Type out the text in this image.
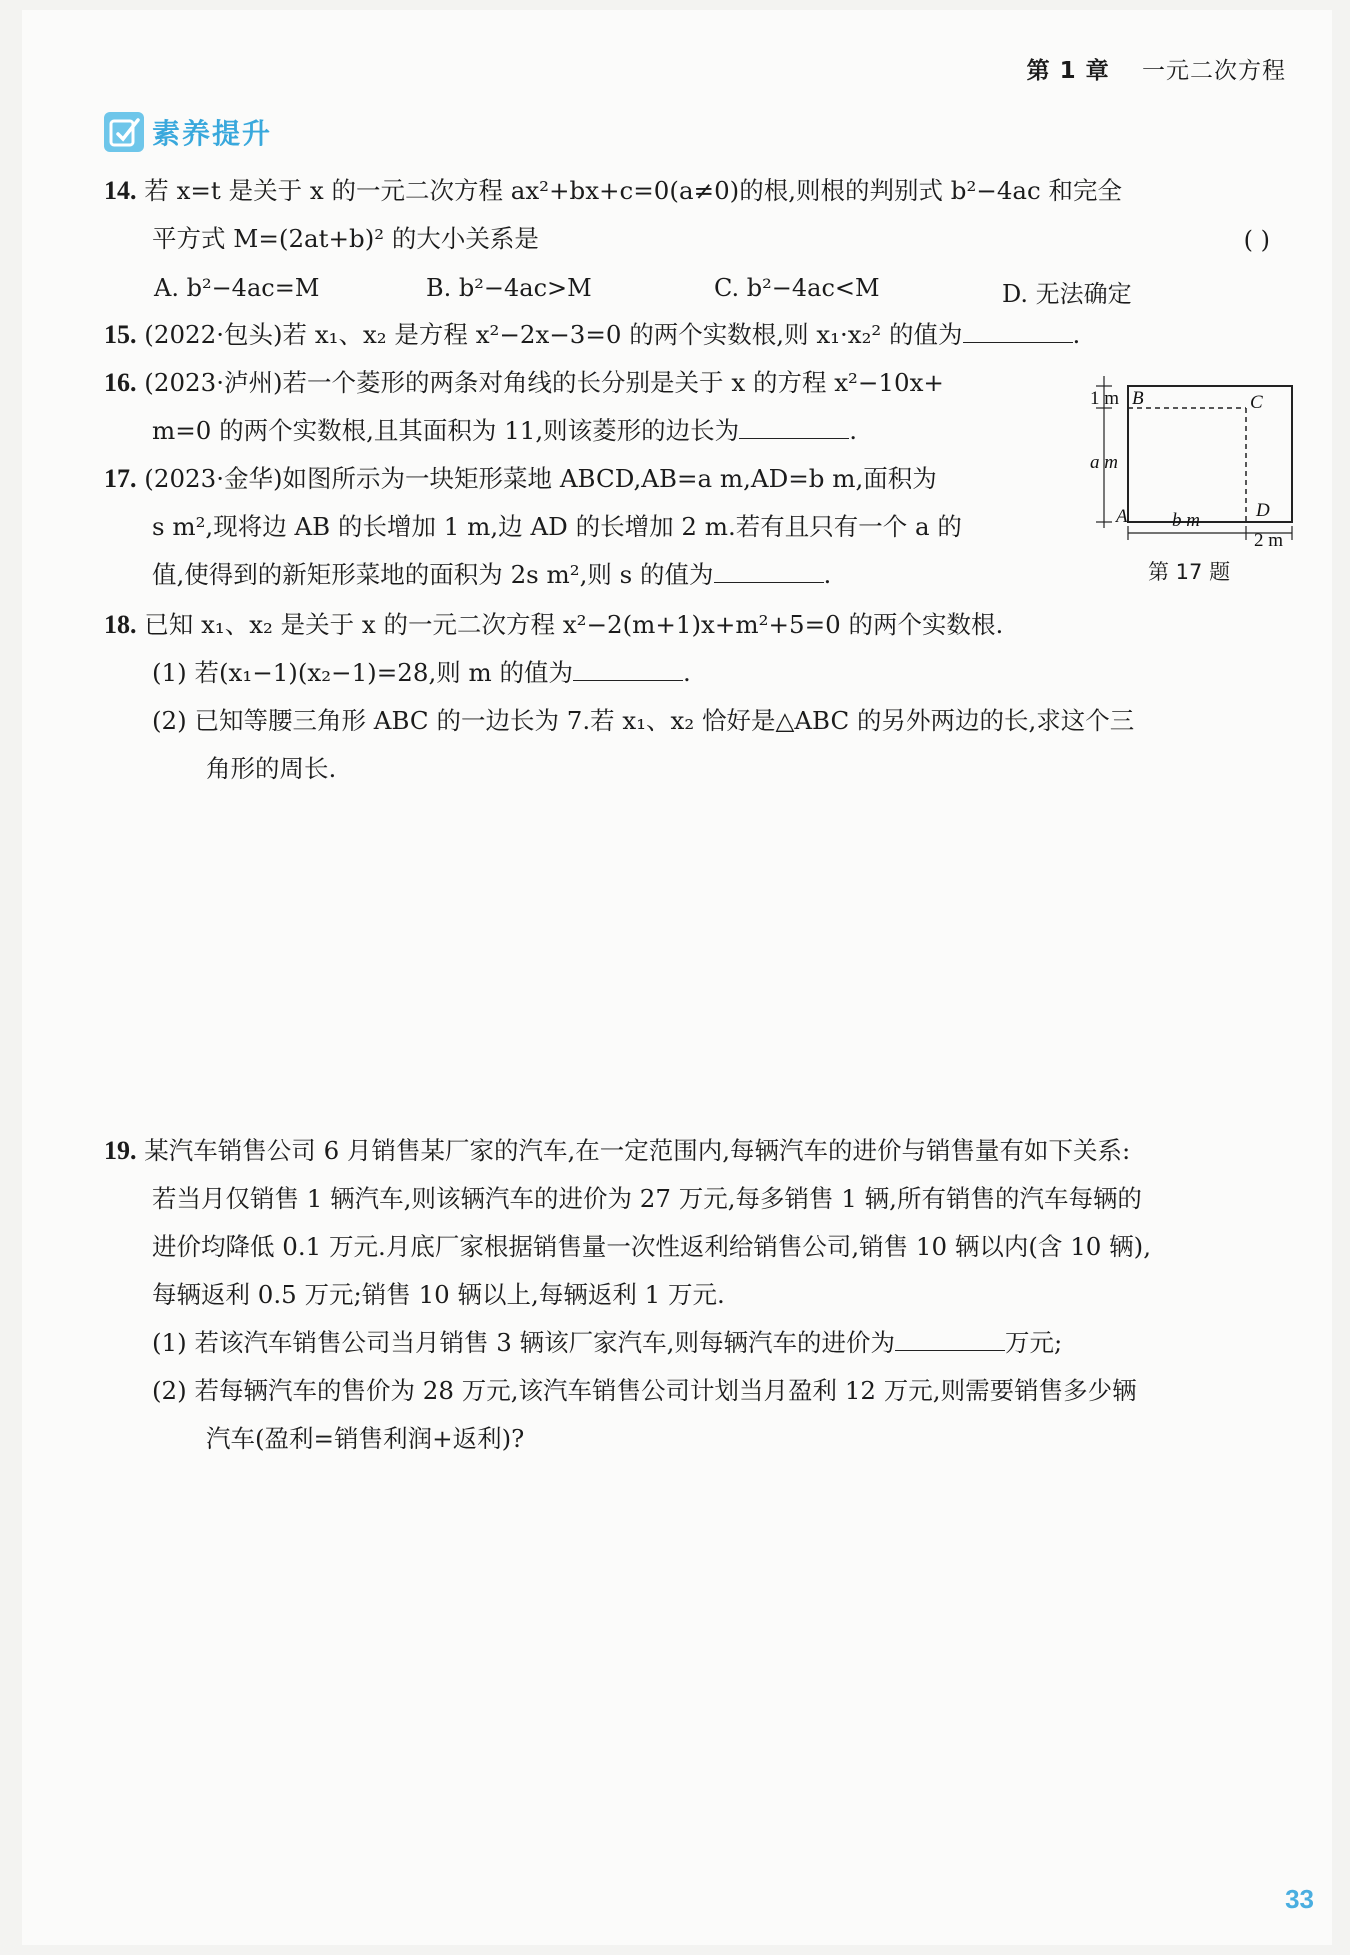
第 1 章 一元二次方程
素养提升
14. 若 x=t 是关于 x 的一元二次方程 ax²+bx+c=0(a≠0)的根,则根的判别式 b²−4ac 和完全
平方式 M=(2at+b)² 的大小关系是	( )
A. b²−4ac=M	B. b²−4ac>M	C. b²−4ac<M	D. 无法确定
15. (2022·包头)若 x₁、x₂ 是方程 x²−2x−3=0 的两个实数根,则 x₁·x₂² 的值为	.
16. (2023·泸州)若一个菱形的两条对角线的长分别是关于 x 的方程 x²−10x+
m=0 的两个实数根,且其面积为 11,则该菱形的边长为	.
17. (2023·金华)如图所示为一块矩形菜地 ABCD,AB=a m,AD=b m,面积为
s m²,现将边 AB 的长增加 1 m,边 AD 的长增加 2 m.若有且只有一个 a 的
值,使得到的新矩形菜地的面积为 2s m²,则 s 的值为	.
1 m B	C
a m
A	D
b m
2 m
第 17 题
18. 已知 x₁、x₂ 是关于 x 的一元二次方程 x²−2(m+1)x+m²+5=0 的两个实数根.
(1) 若(x₁−1)(x₂−1)=28,则 m 的值为	.
(2) 已知等腰三角形 ABC 的一边长为 7.若 x₁、x₂ 恰好是△ABC 的另外两边的长,求这个三
角形的周长.
19. 某汽车销售公司 6 月销售某厂家的汽车,在一定范围内,每辆汽车的进价与销售量有如下关系:
若当月仅销售 1 辆汽车,则该辆汽车的进价为 27 万元,每多销售 1 辆,所有销售的汽车每辆的
进价均降低 0.1 万元.月底厂家根据销售量一次性返利给销售公司,销售 10 辆以内(含 10 辆),
每辆返利 0.5 万元;销售 10 辆以上,每辆返利 1 万元.
(1) 若该汽车销售公司当月销售 3 辆该厂家汽车,则每辆汽车的进价为	万元;
(2) 若每辆汽车的售价为 28 万元,该汽车销售公司计划当月盈利 12 万元,则需要销售多少辆
汽车(盈利=销售利润+返利)?
33
